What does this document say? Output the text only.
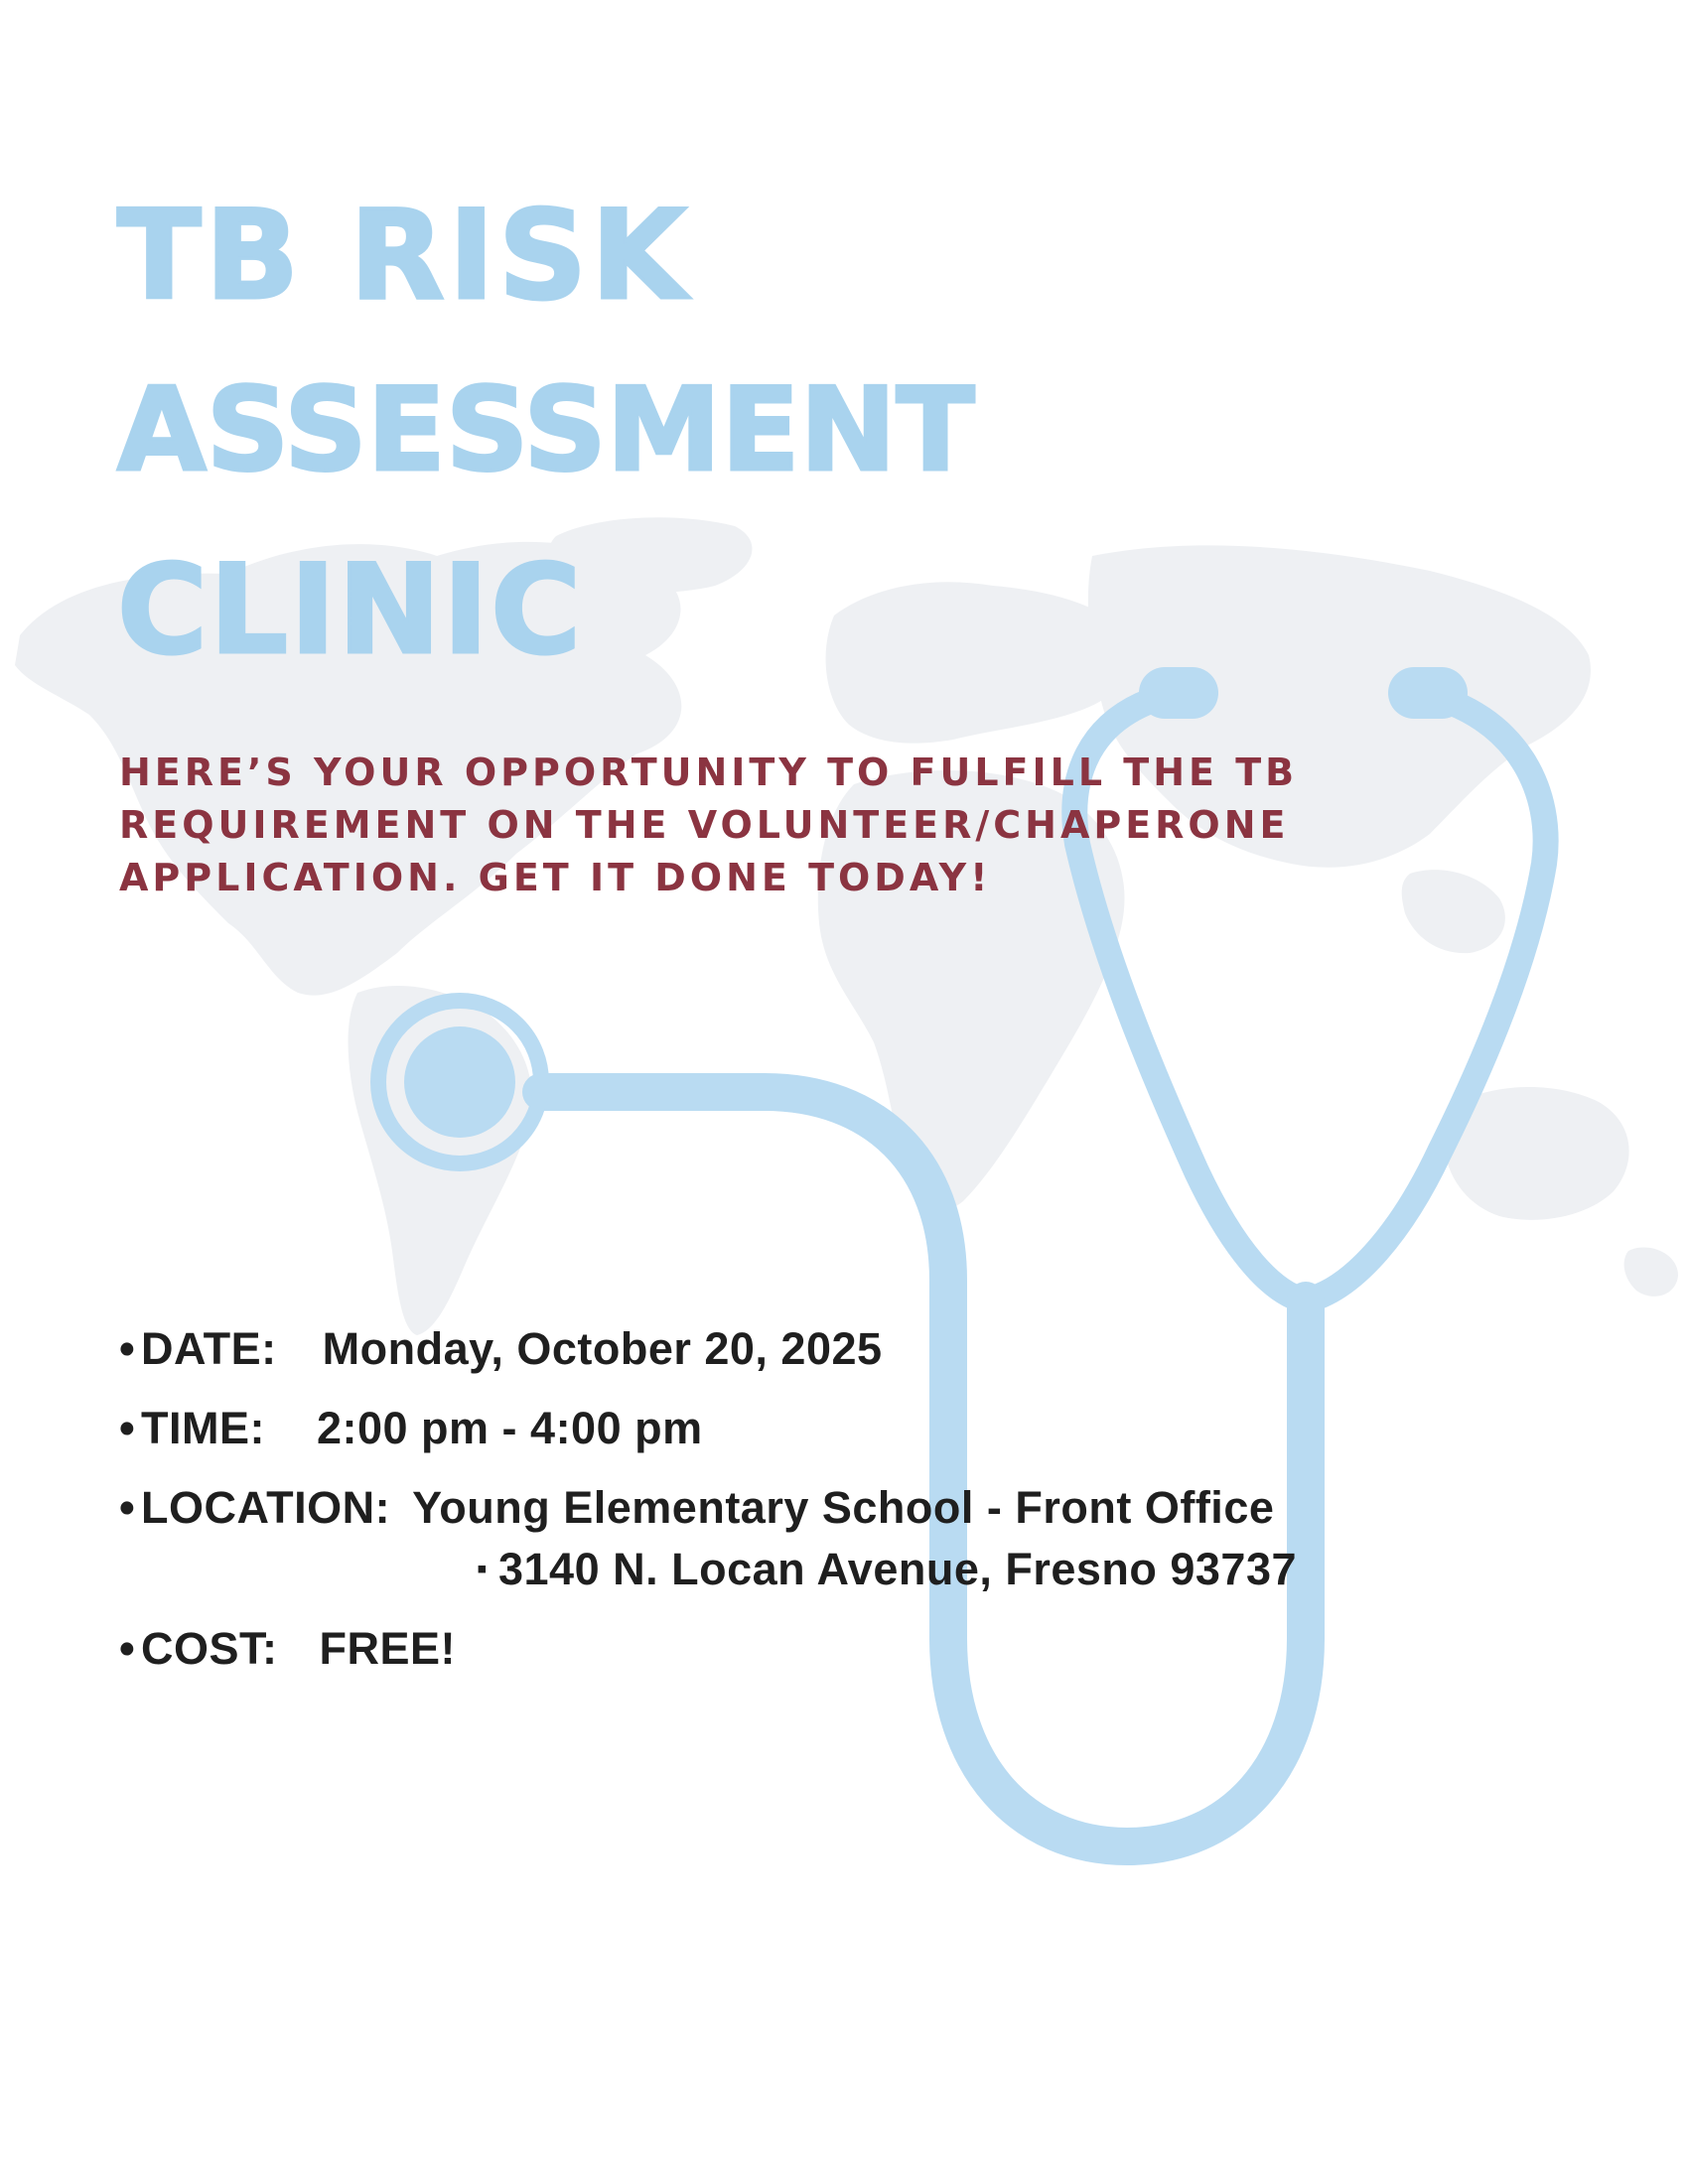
TB RISK
ASSESSMENT
CLINIC

HERE’S YOUR OPPORTUNITY TO FULFILL THE TB
REQUIREMENT ON THE VOLUNTEER/CHAPERONE
APPLICATION. GET IT DONE TODAY!

• DATE: Monday, October 20, 2025
• TIME: 2:00 pm - 4:00 pm
• LOCATION: Young Elementary School - Front Office
▪ 3140 N. Locan Avenue, Fresno 93737
• COST: FREE!
